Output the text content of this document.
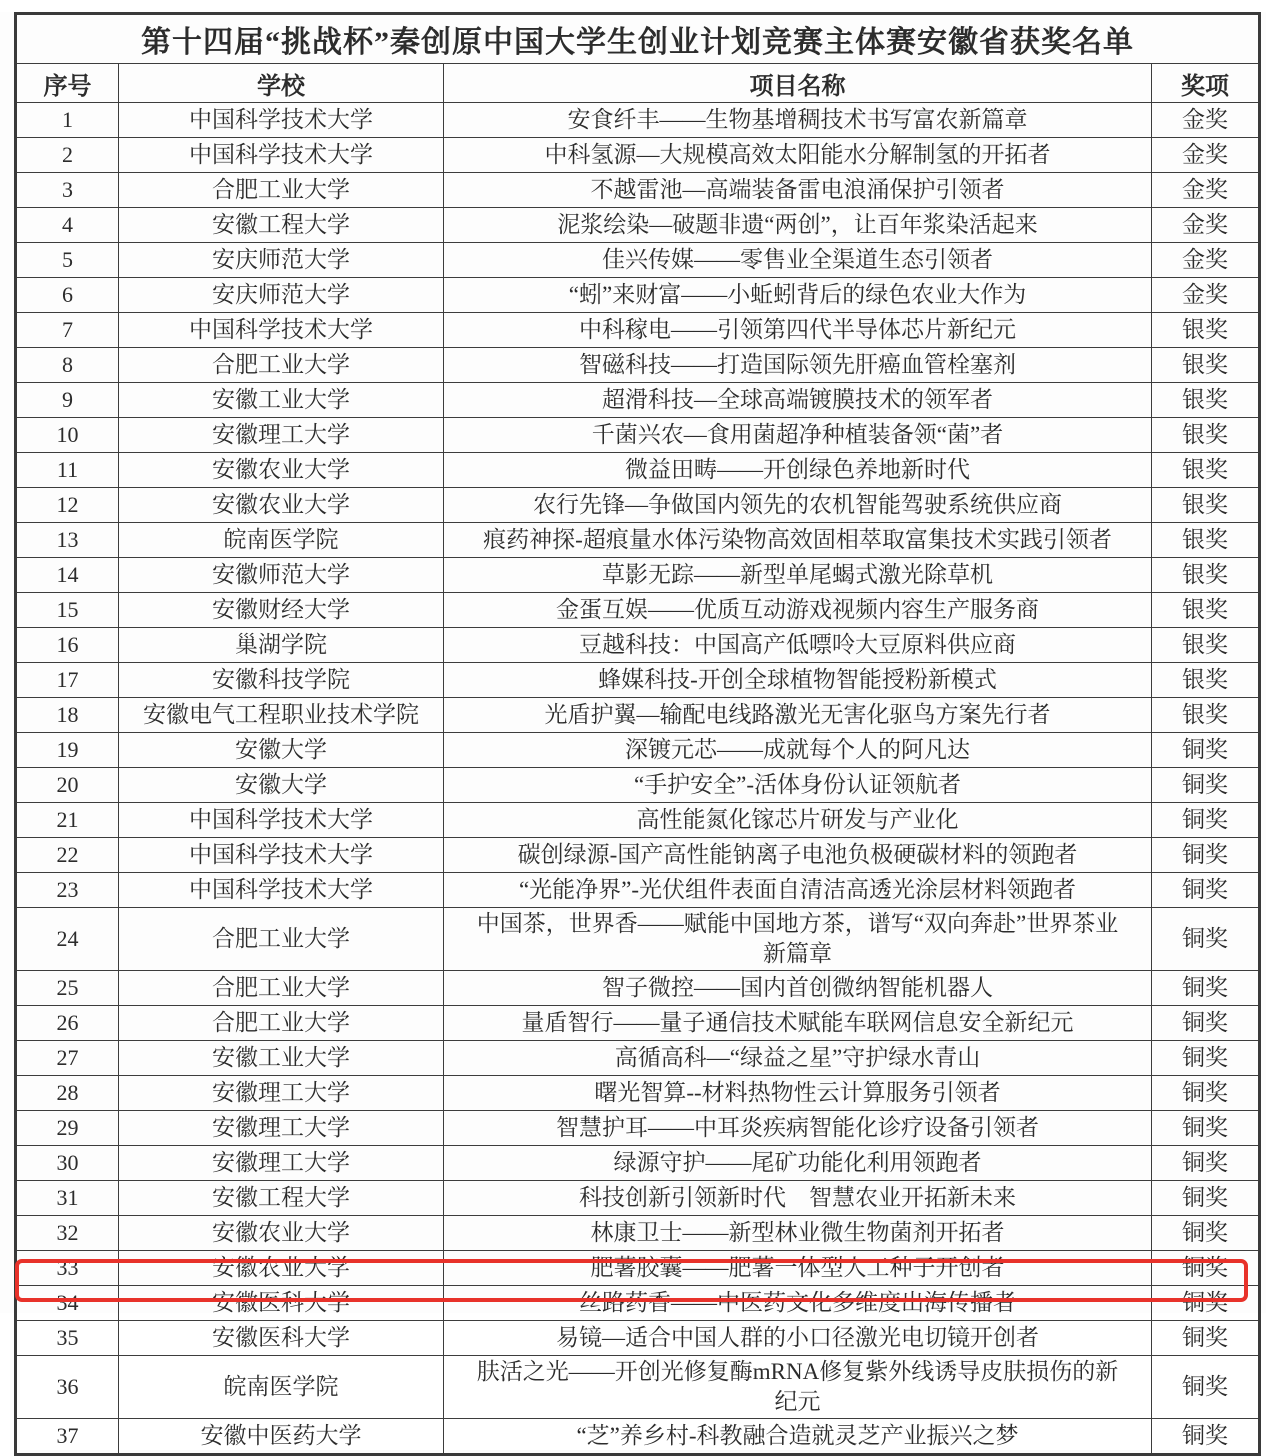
第十四届“挑战杯”秦创原中国大学生创业计划竞赛主体赛安徽省获奖名单			
序号	学校	项目名称	奖项
1	中国科学技术大学	安食纤丰——生物基增稠技术书写富农新篇章	金奖
2	中国科学技术大学	中科氢源—大规模高效太阳能水分解制氢的开拓者	金奖
3	合肥工业大学	不越雷池—高端装备雷电浪涌保护引领者	金奖
4	安徽工程大学	泥浆绘染—破题非遗“两创”，让百年浆染活起来	金奖
5	安庆师范大学	佳兴传媒——零售业全渠道生态引领者	金奖
6	安庆师范大学	“蚓”来财富——小蚯蚓背后的绿色农业大作为	金奖
7	中国科学技术大学	中科稼电——引领第四代半导体芯片新纪元	银奖
8	合肥工业大学	智磁科技——打造国际领先肝癌血管栓塞剂	银奖
9	安徽工业大学	超滑科技—全球高端镀膜技术的领军者	银奖
10	安徽理工大学	千菌兴农—食用菌超净种植装备领“菌”者	银奖
11	安徽农业大学	微益田畴——开创绿色养地新时代	银奖
12	安徽农业大学	农行先锋—争做国内领先的农机智能驾驶系统供应商	银奖
13	皖南医学院	痕药神探-超痕量水体污染物高效固相萃取富集技术实践引领者	银奖
14	安徽师范大学	草影无踪——新型单尾蝎式激光除草机	银奖
15	安徽财经大学	金蛋互娱——优质互动游戏视频内容生产服务商	银奖
16	巢湖学院	豆越科技：中国高产低嘌呤大豆原料供应商	银奖
17	安徽科技学院	蜂媒科技-开创全球植物智能授粉新模式	银奖
18	安徽电气工程职业技术学院	光盾护翼—输配电线路激光无害化驱鸟方案先行者	银奖
19	安徽大学	深镀元芯——成就每个人的阿凡达	铜奖
20	安徽大学	“手护安全”-活体身份认证领航者	铜奖
21	中国科学技术大学	高性能氮化镓芯片研发与产业化	铜奖
22	中国科学技术大学	碳创绿源-国产高性能钠离子电池负极硬碳材料的领跑者	铜奖
23	中国科学技术大学	“光能净界”-光伏组件表面自清洁高透光涂层材料领跑者	铜奖
24	合肥工业大学	中国茶，世界香——赋能中国地方茶，谱写“双向奔赴”世界茶业新篇章	铜奖
25	合肥工业大学	智子微控——国内首创微纳智能机器人	铜奖
26	合肥工业大学	量盾智行——量子通信技术赋能车联网信息安全新纪元	铜奖
27	安徽工业大学	高循高科—“绿益之星”守护绿水青山	铜奖
28	安徽理工大学	曙光智算--材料热物性云计算服务引领者	铜奖
29	安徽理工大学	智慧护耳——中耳炎疾病智能化诊疗设备引领者	铜奖
30	安徽理工大学	绿源守护——尾矿功能化利用领跑者	铜奖
31	安徽工程大学	科技创新引领新时代　智慧农业开拓新未来	铜奖
32	安徽农业大学	林康卫士——新型林业微生物菌剂开拓者	铜奖
33	安徽农业大学	肥薯胶囊——肥薯一体型人工种子开创者	铜奖
34	安徽医科大学	丝路药香——中医药文化多维度出海传播者	铜奖
35	安徽医科大学	易镜—适合中国人群的小口径激光电切镜开创者	铜奖
36	皖南医学院	肤活之光——开创光修复酶mRNA修复紫外线诱导皮肤损伤的新纪元	铜奖
37	安徽中医药大学	“芝”养乡村-科教融合造就灵芝产业振兴之梦	铜奖
